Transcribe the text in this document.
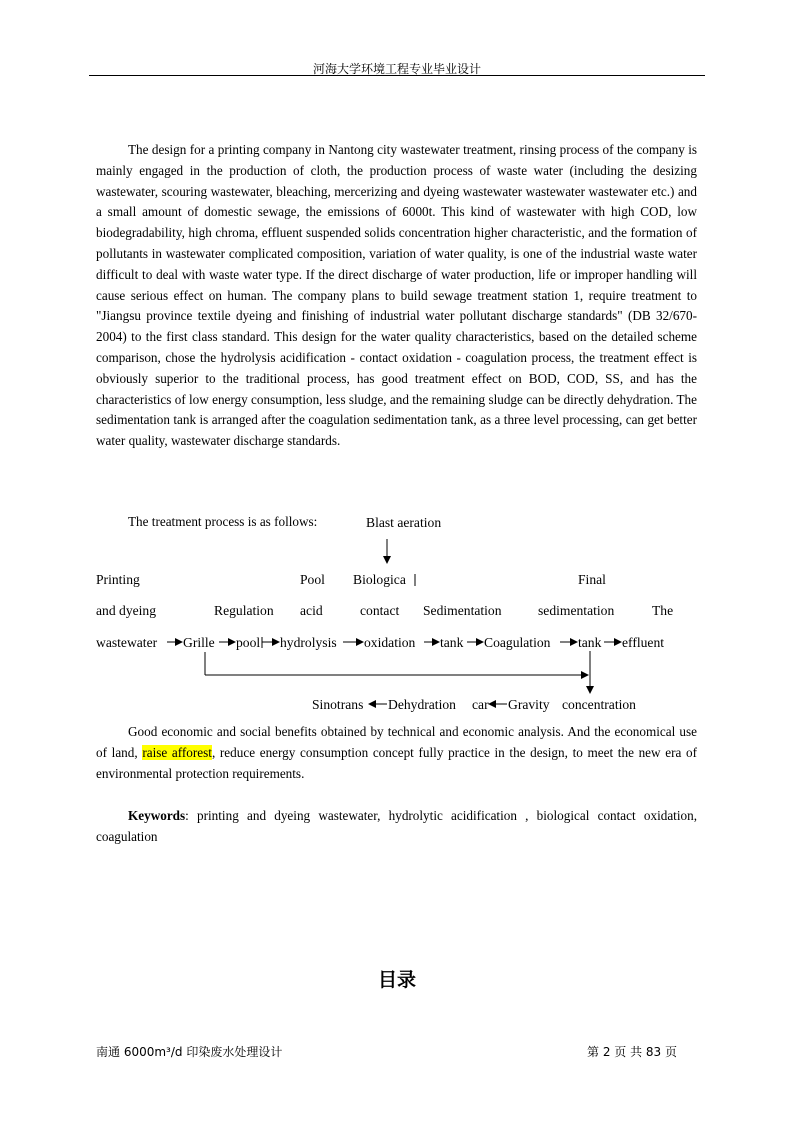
河海大学环境工程专业毕业设计

The design for a printing company in Nantong city wastewater treatment, rinsing process of the company is mainly engaged in the production of cloth, the production process of waste water (including the desizing wastewater, scouring wastewater, bleaching, mercerizing and dyeing wastewater wastewater wastewater etc.) and a small amount of domestic sewage, the emissions of 6000t. This kind of wastewater with high COD, low biodegradability, high chroma, effluent suspended solids concentration higher characteristic, and the formation of pollutants in wastewater complicated composition, variation of water quality, is one of the industrial waste water difficult to deal with waste water type. If the direct discharge of water production, life or improper handling will cause serious effect on human. The company plans to build sewage treatment station 1, require treatment to "Jiangsu province textile dyeing and finishing of industrial water pollutant discharge standards" (DB 32/670-2004) to the first class standard. This design for the water quality characteristics, based on the detailed scheme comparison, chose the hydrolysis acidification - contact oxidation - coagulation process, the treatment effect is obviously superior to the traditional process, has good treatment effect on BOD, COD, SS, and has the characteristics of low energy consumption, less sludge, and the remaining sludge can be directly dehydration. The sedimentation tank is arranged after the coagulation sedimentation tank, as a three level processing, can get better water quality, wastewater discharge standards.

The treatment process is as follows:	Blast aeration
Printing	Pool Biologica	Final
and dyeing	Regulation acid	contact Sedimentation	sedimentation	The
wastewater Grille pool hydrolysis oxidation tank Coagulation tank effluent
Sinotrans Dehydration car Gravity concentration

Good economic and social benefits obtained by technical and economic analysis. And the economical use of land, raise afforest, reduce energy consumption concept fully practice in the design, to meet the new era of environmental protection requirements.

Keywords: printing and dyeing wastewater, hydrolytic acidification , biological contact oxidation, coagulation
目录
南通 6000m³/d 印染废水处理设计	第 2 页 共 83 页
